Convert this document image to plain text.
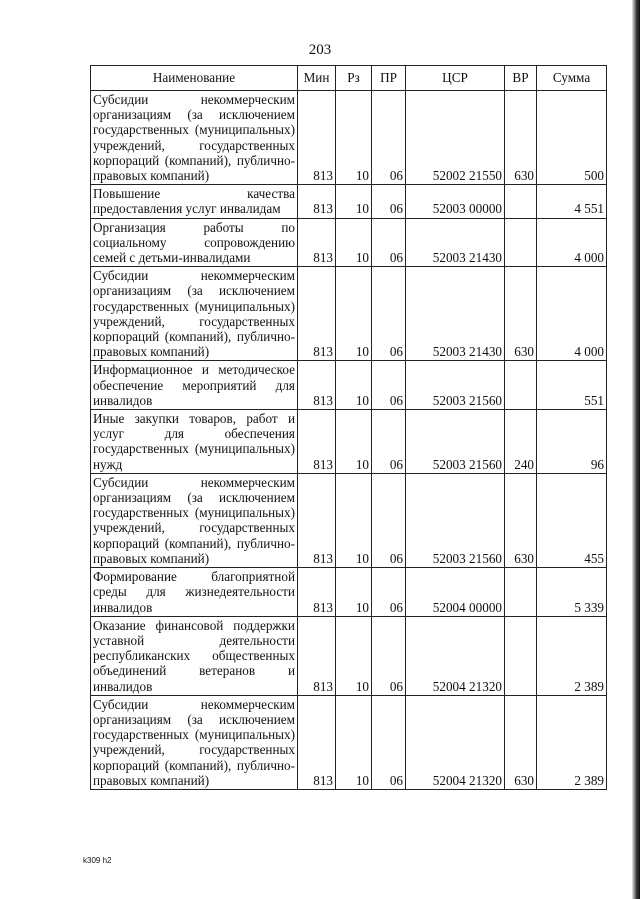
203
Наименование	Мин	Рз	ПР	ЦСР	ВР	Сумма
Субсидии некоммерческим организациям (за исключением государственных (муниципальных) учреждений, государственных корпораций (компаний), публично-правовых компаний)	813	10	06	52002 21550	630	500
Повышение качества предоставления услуг инвалидам	813	10	06	52003 00000		4 551
Организация работы по социальному сопровождению семей с детьми-инвалидами	813	10	06	52003 21430		4 000
Субсидии некоммерческим организациям (за исключением государственных (муниципальных) учреждений, государственных корпораций (компаний), публично-правовых компаний)	813	10	06	52003 21430	630	4 000
Информационное и методическое обеспечение мероприятий для инвалидов	813	10	06	52003 21560		551
Иные закупки товаров, работ и услуг для обеспечения государственных (муниципальных) нужд	813	10	06	52003 21560	240	96
Субсидии некоммерческим организациям (за исключением государственных (муниципальных) учреждений, государственных корпораций (компаний), публично-правовых компаний)	813	10	06	52003 21560	630	455
Формирование благоприятной среды для жизнедеятельности инвалидов	813	10	06	52004 00000		5 339
Оказание финансовой поддержки уставной деятельности республиканских общественных объединений ветеранов и инвалидов	813	10	06	52004 21320		2 389
Субсидии некоммерческим организациям (за исключением государственных (муниципальных) учреждений, государственных корпораций (компаний), публично-правовых компаний)	813	10	06	52004 21320	630	2 389
k309 h2
